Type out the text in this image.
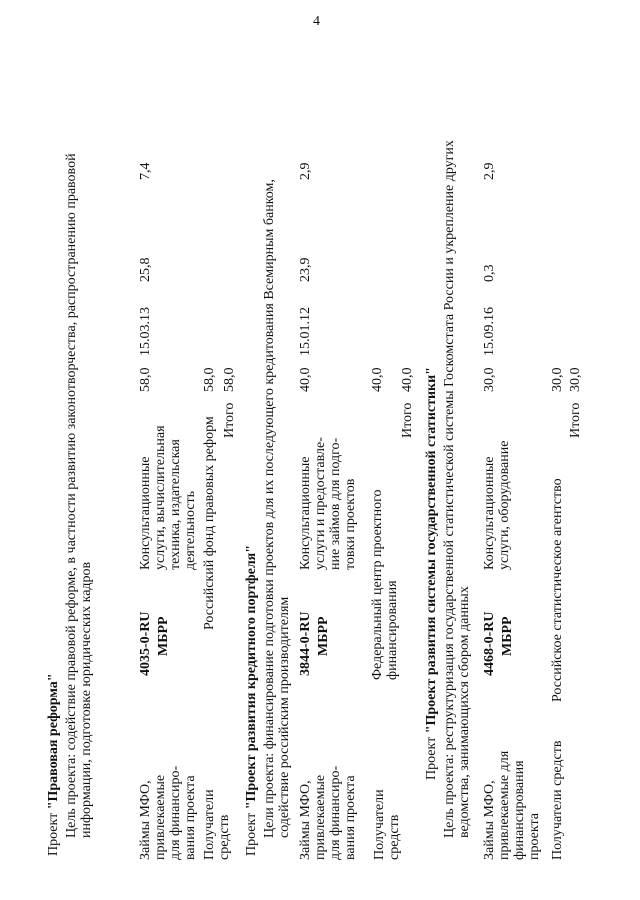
4
Проект "Правовая реформа"
Цель проекта: содействие правовой реформе, в частности развитию законотворчества, распространению правовой
информации, подготовке юридических кадров
Займы МФО,
привлекаемые
для финансиро-
вания проекта
4035-0-RU МБРР
Консультационные
услуги, вычислительная
техника, издательская
деятельность
58,0
15.03.13
25,8
7,4
Получатели
средств
Российский фонд правовых реформ
58,0
Итого
58,0
Проект "Проект развития кредитного портфеля"
Цели проекта: финансирование подготовки проектов для их последующего кредитования Всемирным банком,
содействие российским производителям
Займы МФО,
привлекаемые
для финансиро-
вания проекта
3844-0-RU МБРР
Консультационные
услуги и предоставле-
ние займов для подго-
товки проектов
40,0
15.01.12
23,9
2,9
Получатели
средств
Федеральный центр проектного
финансирования
40,0
Итого
40,0
Проект "Проект развития системы государственной статистики"
Цель проекта: реструктуризация государственной статистической системы Госкомстата России и укрепление других
ведомства, занимающихся сбором данных
Займы МФО,
привлекаемые для
финансирования
проекта
4468-0-RU МБРР
Консультационные
услуги, оборудование
30,0
15.09.16
0,3
2,9
Получатели средств
Российское статистическое агентство
30,0
Итого
30,0
